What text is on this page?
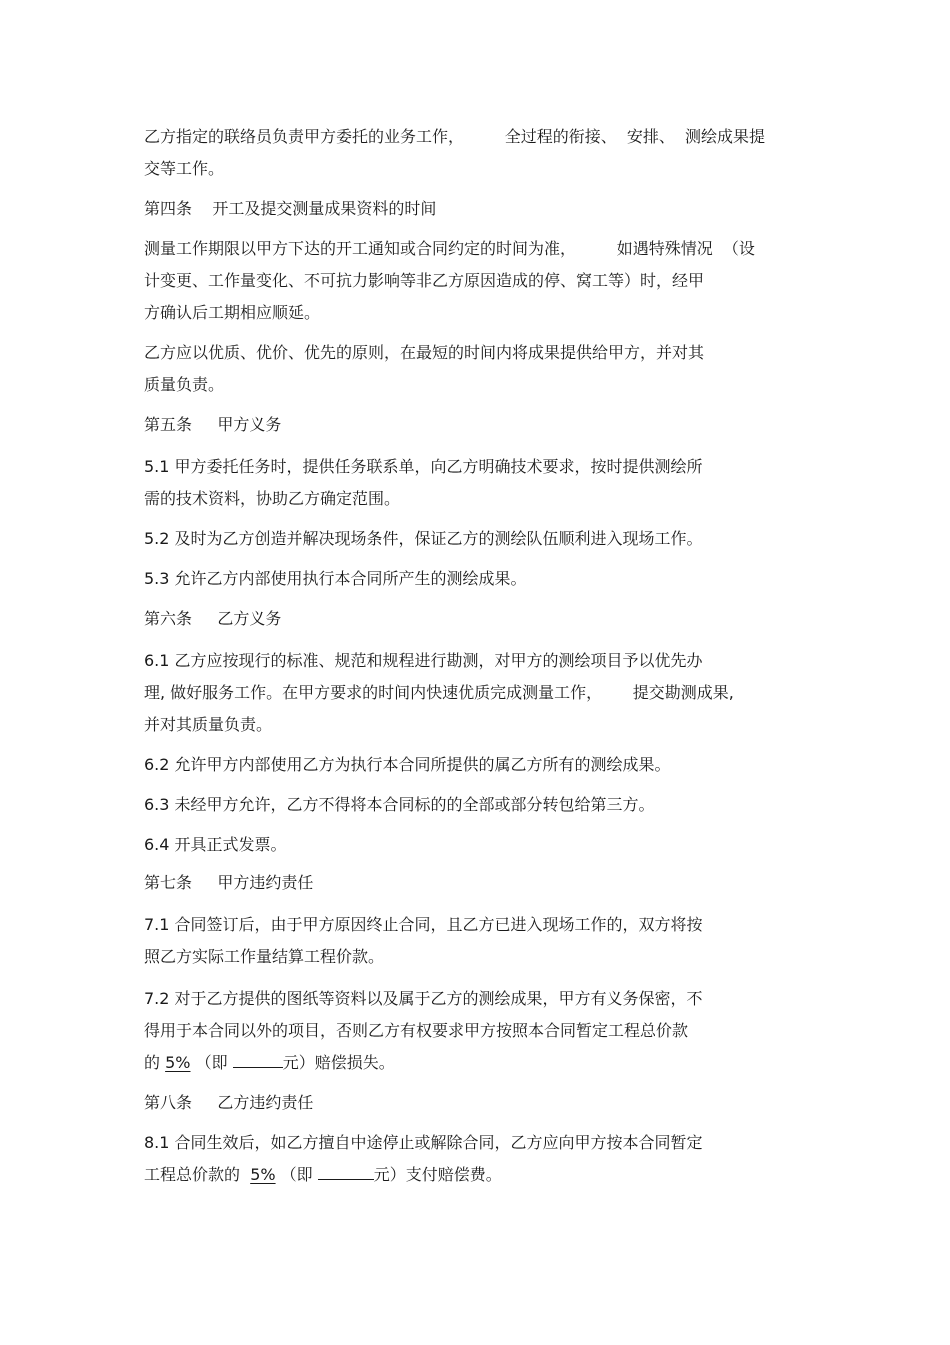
乙方指定的联络员负责甲方委托的业务工作，        全过程的衔接、  安排、  测绘成果提
交等工作。
第四条    开工及提交测量成果资料的时间
测量工作期限以甲方下达的开工通知或合同约定的时间为准，        如遇特殊情况  （设
计变更、工作量变化、不可抗力影响等非乙方原因造成的停、窝工等）时，经甲
方确认后工期相应顺延。
乙方应以优质、优价、优先的原则，在最短的时间内将成果提供给甲方，并对其
质量负责。
第五条     甲方义务
5.1 甲方委托任务时，提供任务联系单，向乙方明确技术要求，按时提供测绘所
需的技术资料，协助乙方确定范围。
5.2 及时为乙方创造并解决现场条件，保证乙方的测绘队伍顺利进入现场工作。
5.3 允许乙方内部使用执行本合同所产生的测绘成果。
第六条     乙方义务
6.1 乙方应按现行的标准、规范和规程进行勘测，对甲方的测绘项目予以优先办
理, 做好服务工作。在甲方要求的时间内快速优质完成测量工作，      提交勘测成果,
并对其质量负责。
6.2 允许甲方内部使用乙方为执行本合同所提供的属乙方所有的测绘成果。
6.3 未经甲方允许，乙方不得将本合同标的的全部或部分转包给第三方。
6.4 开具正式发票。
第七条     甲方违约责任
7.1 合同签订后，由于甲方原因终止合同，且乙方已进入现场工作的，双方将按
照乙方实际工作量结算工程价款。
7.2 对于乙方提供的图纸等资料以及属于乙方的测绘成果，甲方有义务保密，不
得用于本合同以外的项目，否则乙方有权要求甲方按照本合同暂定工程总价款
的 5% （即	元）赔偿损失。
第八条     乙方违约责任
8.1 合同生效后，如乙方擅自中途停止或解除合同，乙方应向甲方按本合同暂定
工程总价款的 5% （即	元）支付赔偿费。
